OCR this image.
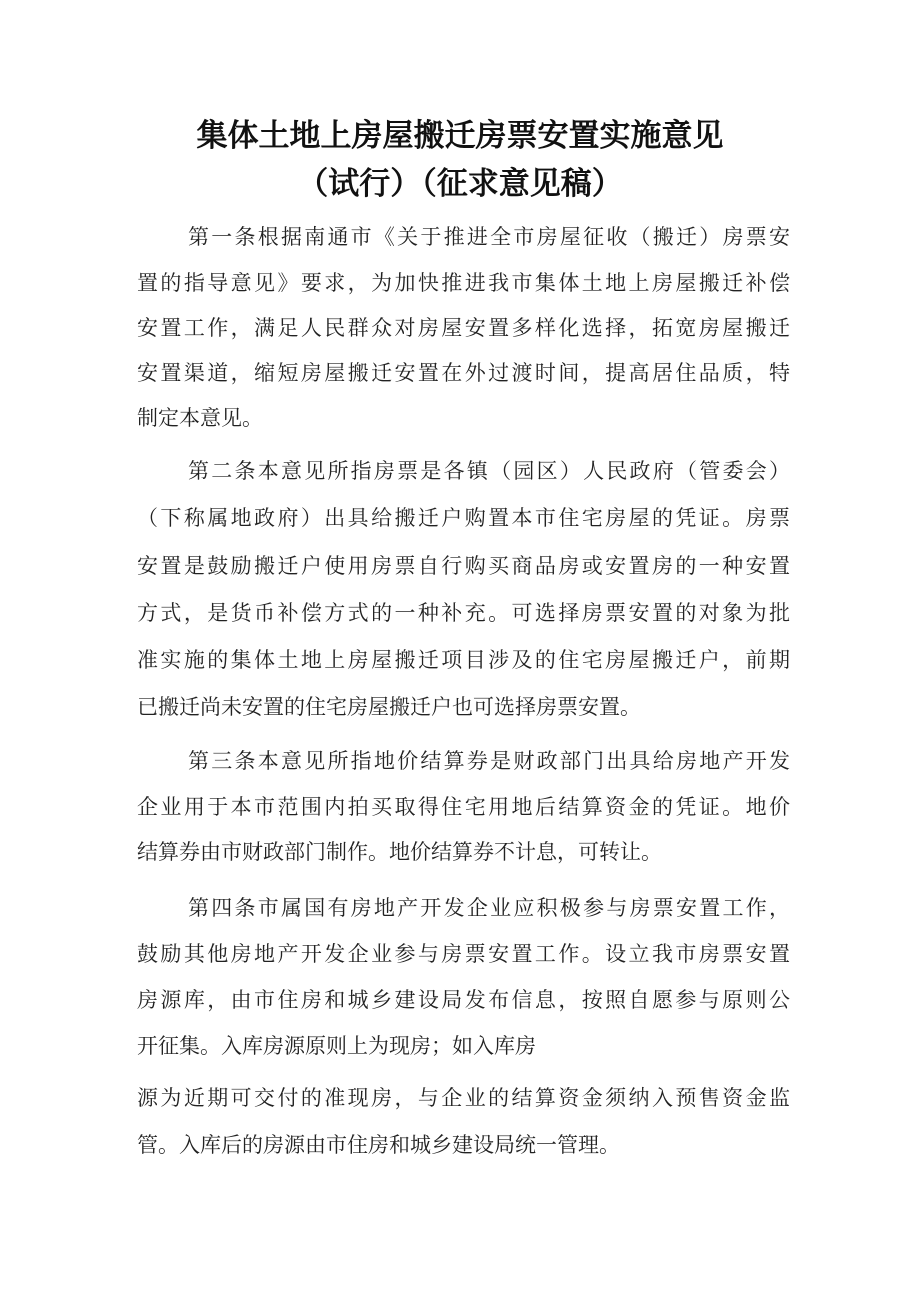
集体土地上房屋搬迁房票安置实施意见
（试行）（征求意见稿）
第一条根据南通市《关于推进全市房屋征收（搬迁）房票安
置的指导意见》要求，为加快推进我市集体土地上房屋搬迁补偿
安置工作，满足人民群众对房屋安置多样化选择，拓宽房屋搬迁
安置渠道，缩短房屋搬迁安置在外过渡时间，提高居住品质，特
制定本意见。
第二条本意见所指房票是各镇（园区）人民政府（管委会）
（下称属地政府）出具给搬迁户购置本市住宅房屋的凭证。房票
安置是鼓励搬迁户使用房票自行购买商品房或安置房的一种安置
方式，是货币补偿方式的一种补充。可选择房票安置的对象为批
准实施的集体土地上房屋搬迁项目涉及的住宅房屋搬迁户，前期
已搬迁尚未安置的住宅房屋搬迁户也可选择房票安置。
第三条本意见所指地价结算券是财政部门出具给房地产开发
企业用于本市范围内拍买取得住宅用地后结算资金的凭证。地价
结算券由市财政部门制作。地价结算券不计息，可转让。
第四条市属国有房地产开发企业应积极参与房票安置工作，
鼓励其他房地产开发企业参与房票安置工作。设立我市房票安置
房源库，由市住房和城乡建设局发布信息，按照自愿参与原则公
开征集。入库房源原则上为现房；如入库房
源为近期可交付的准现房，与企业的结算资金须纳入预售资金监
管。入库后的房源由市住房和城乡建设局统一管理。
